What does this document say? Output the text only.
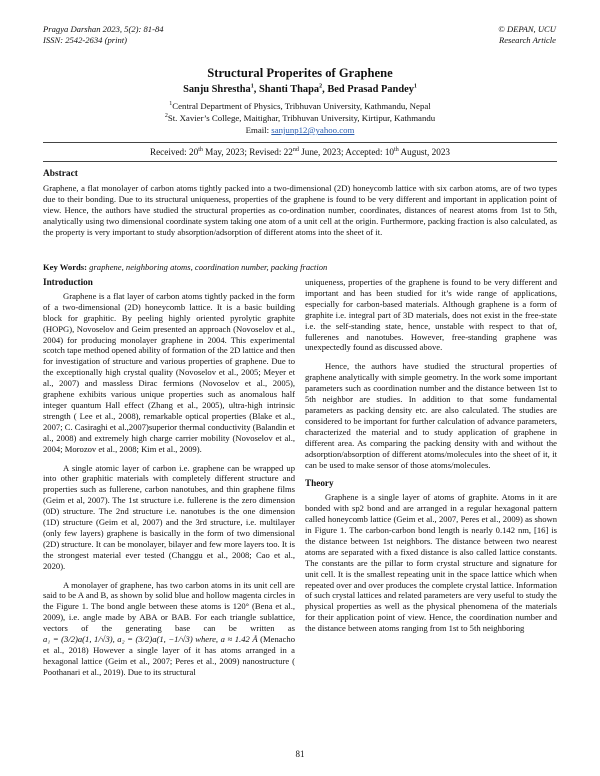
Pragya Darshan 2023, 5(2): 81-84
ISSN: 2542-2634 (print)
© DEPAN, UCU
Research Article
Structural Properites of Graphene
Sanju Shrestha$^1$, Shanti Thapa$^2$, Bed Prasad Pandey$^1$
$^1$Central Department of Physics, Tribhuvan University, Kathmandu, Nepal
$^2$St. Xavier’s College, Maitighar, Tribhuvan University, Kirtipur, Kathmandu
Email: sanjunp12@yahoo.com
Received: 20th May, 2023; Revised: 22nd June, 2023; Accepted: 10th August, 2023
Abstract
Graphene, a flat monolayer of carbon atoms tightly packed into a two-dimensional (2D) honeycomb lattice with six carbon atoms, are of two types due to their bonding. Due to its structural uniqueness, properties of the graphene is found to be very different and important in application point of view. Hence, the authors have studied the structural properties as co-ordination number, coordinates, distances of nearest atoms from 1st to 5th, analytically using two dimensional coordinate system taking one atom of a unit cell at the origin. Furthermore, packing fraction is also calculated, as the property is very important to study absorption/adsorption of different atoms into the sheet of it.
Key Words: graphene, neighboring atoms, coordination number, packing fraction
Introduction

Graphene is a flat layer of carbon atoms tightly packed in the form of a two-dimensional (2D) honeycomb lattice. It is a basic building block for graphitic. By peeling highly oriented pyrolytic graphite (HOPG), Novoselov and Geim presented an approach (Novoselov et al., 2004) for producing monolayer graphene in 2004. This experimental scotch tape method opened ability of formation of the 2D lattice and then for investigation of structure and various properties of graphene. Due to the exceptionally high crystal quality (Novoselov et al., 2005; Meyer et al., 2007) and massless Dirac fermions (Novoselov et al., 2005), graphene exhibits various unique properties such as anomalous half integer quantum Hall effect (Zhang et al., 2005), ultra-high intrinsic strength ( Lee et al., 2008), remarkable optical properties (Blake et al., 2007; C. Casiraghi et al.,2007)superior thermal conductivity (Balandin et al., 2008) and extremely high charge carrier mobility (Novoselov et al., 2004; Morozov et al., 2008; Kim et al., 2009).

A single atomic layer of carbon i.e. graphene can be wrapped up into other graphitic materials with completely different structure and properties such as fullerene, carbon nanotubes, and thin graphene films (Geim et al, 2007). The 1st structure i.e. fullerene is the zero dimension (0D) structure. The 2nd structure i.e. nanotubes is the one dimension (1D) structure (Geim et al, 2007) and the 3rd structure, i.e. multilayer (only few layers) graphene is basically in the form of two dimensional (2D) structure. It can be monolayer, bilayer and few more layers too. It is the strongest material ever tested (Changgu et al., 2008; Cao et al., 2020).

A monolayer of graphene, has two carbon atoms in its unit cell are said to be A and B, as shown by solid blue and hollow magenta circles in the Figure 1. The bond angle between these atoms is 120° (Bena et al., 2009), i.e. angle made by ABA or BAB. For each triangle sublattice, vectors of the generating base can be written as a₁ = (3/2)a(1, 1/√3), a₂ = (3/2)a(1, −1/√3) where, a ≈ 1.42 Å (Menacho et al., 2018) However a single layer of it has atoms arranged in a hexagonal lattice (Geim et al., 2007; Peres et al., 2009) nanostructure ( Poothanari et al., 2019). Due to its structural

uniqueness, properties of the graphene is found to be very different and important and has been studied for it’s wide range of applications, especially for carbon-based materials. Although graphene is a form of graphite i.e. integral part of 3D materials, does not exist in the free-state i.e. the self-standing state, hence, unstable with respect to that of, fullerenes and nanotubes. However, free-standing graphene was unexpectedly found as discussed above.

Hence, the authors have studied the structural properties of graphene analytically with simple geometry. In the work some important parameters such as coordination number and the distance between 1st to 5th neighbor are studies. In addition to that some fundamental parameters as packing density etc. are also calculated. The studies are considered to be important for further calculation of advance parameters, characterized the material and to study application of graphene in different area. As comparing the packing density with and without the adsorption/absorption of different atoms/molecules into the sheet of it, it can be used to make sensor of those atoms/molecules.

Theory

Graphene is a single layer of atoms of graphite. Atoms in it are bonded with sp2 bond and are arranged in a regular hexagonal pattern called honeycomb lattice (Geim et al., 2007, Peres et al., 2009) as shown in Figure 1. The carbon-carbon bond length is nearly 0.142 nm, [16] is the distance between 1st neighbors. The distance between two nearest atoms are separated with a fixed distance is also called lattice constants. The constants are the pillar to form crystal structure and signature for unit cell. It is the smallest repeating unit in the space lattice which when repeated over and over produces the complete crystal lattice. Information of such crystal lattices and related parameters are very useful to study the physical properties as well as the physical phenomena of the materials for their application point of view. Hence, the coordination number and the distance between atoms ranging from 1st to 5th neighboring

81
